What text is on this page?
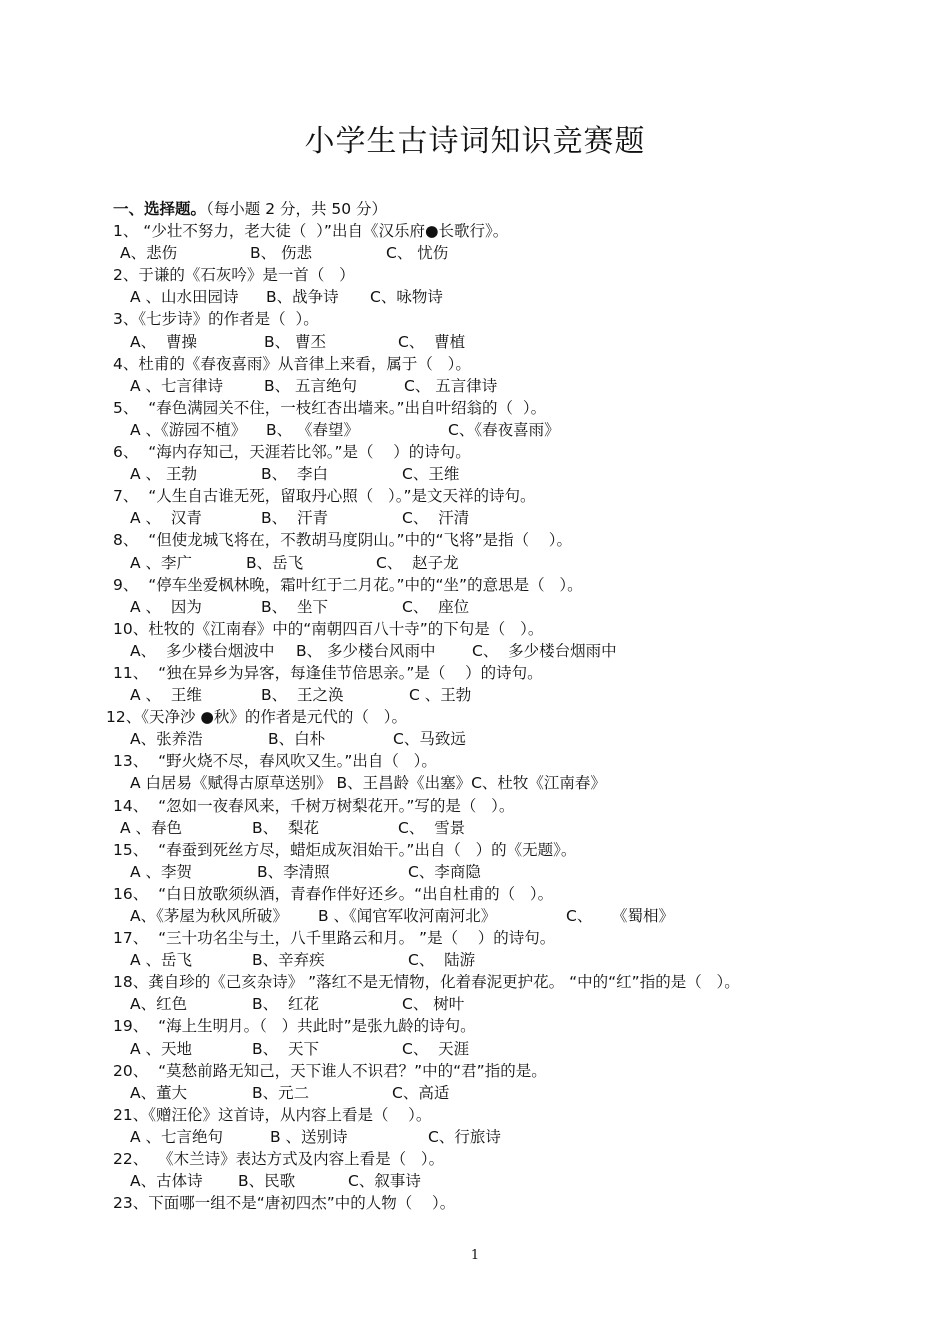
小学生古诗词知识竞赛题
一、选择题。（每小题 2 分，共 50 分）
1、 “少壮不努力，老大徒（  ）”出自《汉乐府●长歌行》。
A、悲伤	B、 伤悲	C、 忧伤
2、于谦的《石灰吟》是一首（   ）
A 、山水田园诗 B、战争诗 C、咏物诗
3、《七步诗》的作者是（  ）。
A、  曹操	B、 曹丕	C、  曹植
4、杜甫的《春夜喜雨》从音律上来看，属于（   ）。
A 、七言律诗	B、 五言绝句	C、 五言律诗
5、  “春色满园关不住，一枝红杏出墙来。”出自叶绍翁的（  ）。
A 、《游园不植》 B、 《春望》	C、《春夜喜雨》
6、  “海内存知己，天涯若比邻。”是（    ）的诗句。
A 、 王勃	B、  李白	C、王维
7、  “人生自古谁无死，留取丹心照（   ）。”是文天祥的诗句。
A 、  汉青	B、  汗青	C、  汗清
8、  “但使龙城飞将在，不教胡马度阴山。”中的“飞将”是指（    ）。
A 、李广	B、岳飞	C、  赵子龙
9、  “停车坐爱枫林晚，霜叶红于二月花。”中的“坐”的意思是（   ）。
A 、  因为	B、  坐下	C、  座位
10、杜牧的《江南春》中的“南朝四百八十寺”的下句是（   ）。
A、  多少楼台烟波中 B、 多少楼台风雨中 C、  多少楼台烟雨中
11、  “独在异乡为异客，每逢佳节倍思亲。”是（    ）的诗句。
A 、  王维	B、  王之涣	C 、王勃
12、《天净沙 ●秋》的作者是元代的（   ）。
A、张养浩	B、白朴	C、马致远
13、  “野火烧不尽，春风吹又生。”出自（   ）。
A 白居易《赋得古原草送别》 B、王昌龄《出塞》C、杜牧《江南春》
14、  “忽如一夜春风来，千树万树梨花开。”写的是（   ）。
A 、春色	B、  梨花	C、  雪景
15、  “春蚕到死丝方尽，蜡炬成灰泪始干。”出自（   ）的《无题》。
A 、李贺	B、李清照	C、李商隐
16、  “白日放歌须纵酒，青春作伴好还乡。“出自杜甫的（   ）。
A、《茅屋为秋风所破》 B 、《闻官军收河南河北》	C、    《蜀相》
17、  “三十功名尘与土，八千里路云和月。 ”是（    ）的诗句。
A 、岳飞	B、辛弃疾	C、  陆游
18、龚自珍的《己亥杂诗》 ”落红不是无情物，化着春泥更护花。 “中的“红”指的是（   ）。
A、红色	B、  红花	C、 树叶
19、  “海上生明月。（   ）共此时”是张九龄的诗句。
A 、天地	B、  天下	C、  天涯
20、  “莫愁前路无知己，天下谁人不识君？”中的“君”指的是。
A、董大	B、元二	C、高适
21、《赠汪伦》这首诗，从内容上看是（    ）。
A 、七言绝句	B 、送别诗	C、行旅诗
22、  《木兰诗》表达方式及内容上看是（   ）。
A、古体诗 B、民歌	C、叙事诗
23、下面哪一组不是“唐初四杰”中的人物（    ）。
1
